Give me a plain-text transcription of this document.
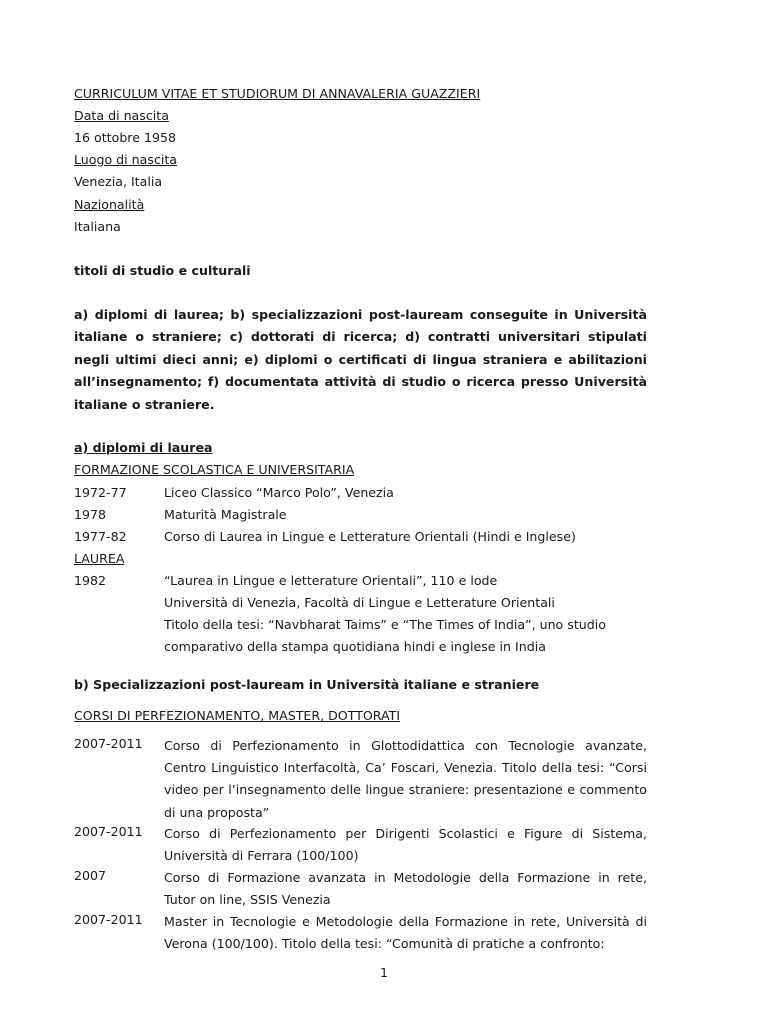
CURRICULUM VITAE ET STUDIORUM DI ANNAVALERIA GUAZZIERI
Data di nascita
16 ottobre 1958
Luogo di nascita
Venezia, Italia
Nazionalità
Italiana
titoli di studio e culturali
a) diplomi di laurea; b) specializzazioni post-lauream conseguite in Università italiane o straniere; c) dottorati di ricerca; d) contratti universitari stipulati negli ultimi dieci anni; e) diplomi o certificati di lingua straniera e abilitazioni all’insegnamento; f) documentata attività di studio o ricerca presso Università italiane o straniere.
a) diplomi di laurea
FORMAZIONE SCOLASTICA E UNIVERSITARIA
1972-77	Liceo Classico “Marco Polo”, Venezia
1978	Maturità Magistrale
1977-82	Corso di Laurea in Lingue e Letterature Orientali (Hindi e Inglese)
LAUREA
1982	“Laurea in Lingue e letterature Orientali”, 110 e lode
Università di Venezia, Facoltà di Lingue e Letterature Orientali
Titolo della tesi: “Navbharat Taims” e “The Times of India”, uno studio
comparativo della stampa quotidiana hindi e inglese in India
b) Specializzazioni post-lauream in Università italiane e straniere
CORSI DI PERFEZIONAMENTO, MASTER, DOTTORATI
2007-2011 Corso di Perfezionamento in Glottodidattica con Tecnologie avanzate, Centro Linguistico Interfacoltà, Ca’ Foscari, Venezia. Titolo della tesi: “Corsi video per l’insegnamento delle lingue straniere: presentazione e commento di una proposta”
2007-2011 Corso di Perfezionamento per Dirigenti Scolastici e Figure di Sistema, Università di Ferrara (100/100)
2007	Corso di Formazione avanzata in Metodologie della Formazione in rete, Tutor on line, SSIS Venezia
2007-2011 Master in Tecnologie e Metodologie della Formazione in rete, Università di Verona (100/100). Titolo della tesi: “Comunità di pratiche a confronto:
1
